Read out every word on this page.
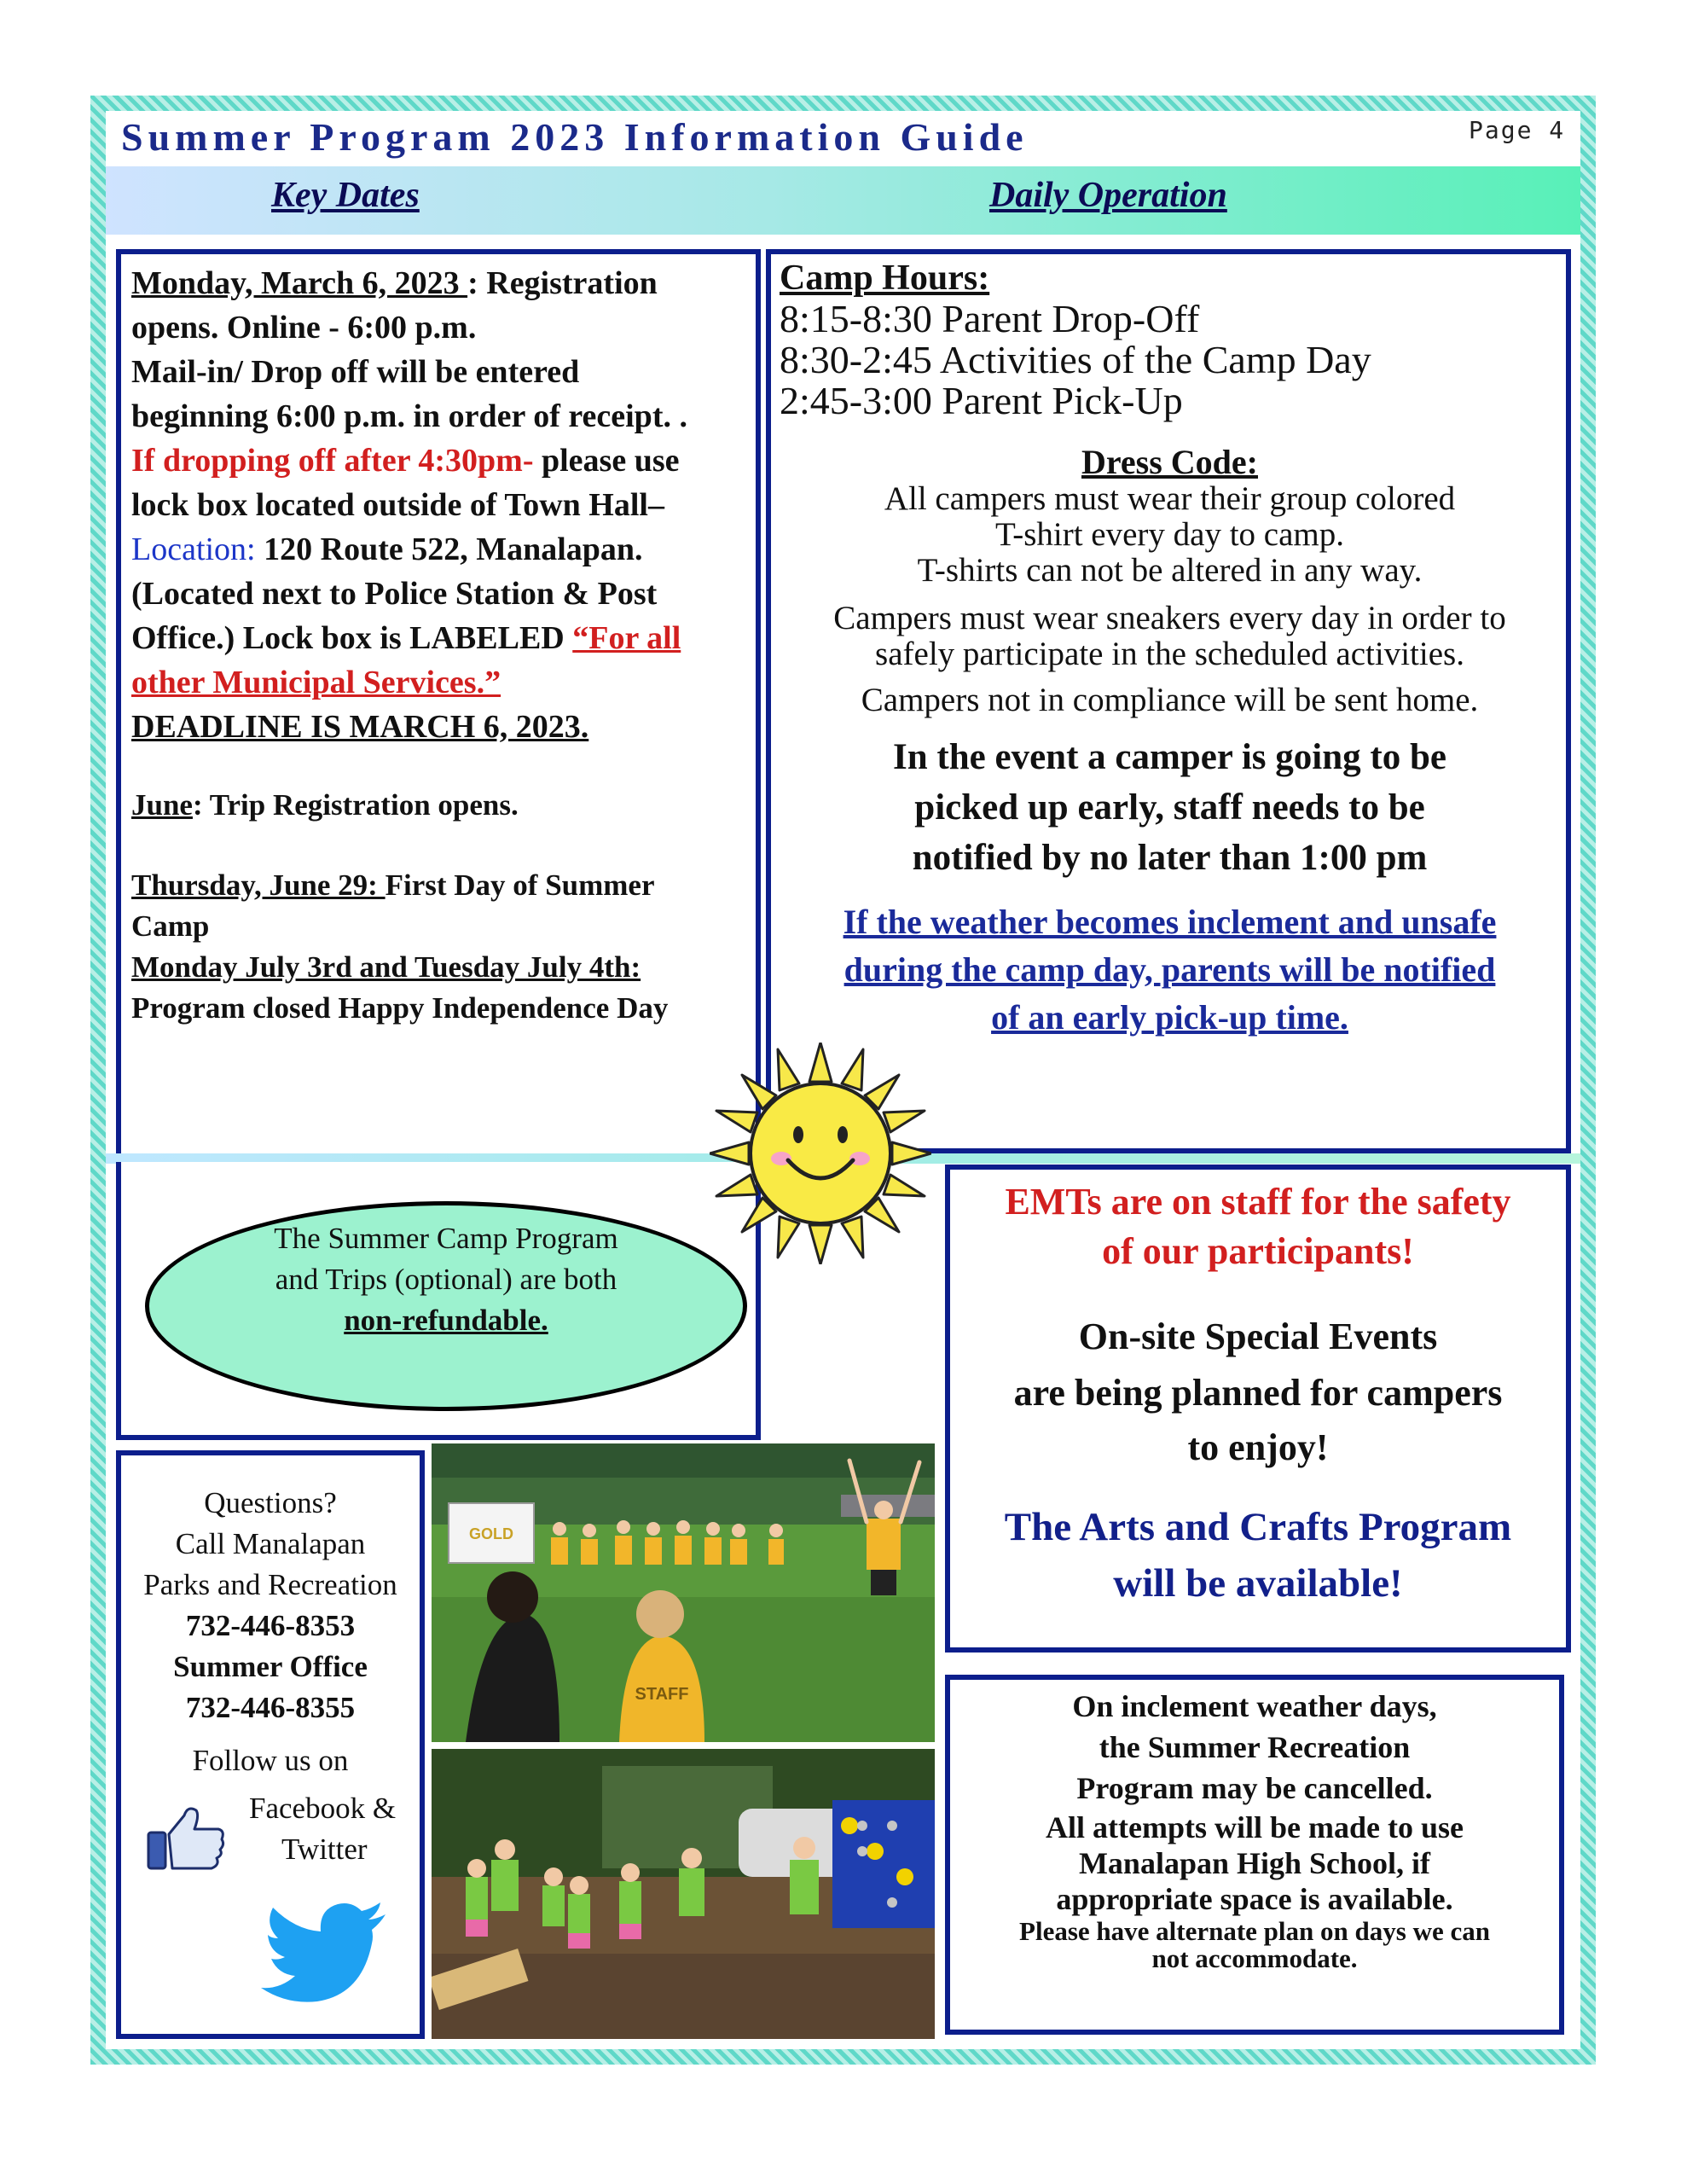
Summer Program 2023 Information Guide	Page 4
Key Dates	Daily Operation
Monday, March 6, 2023 : Registration
opens. Online - 6:00 p.m.
Mail-in/ Drop off will be entered
beginning 6:00 p.m. in order of receipt. .
If dropping off after 4:30pm- please use
lock box located outside of Town Hall–
Location: 120 Route 522, Manalapan.
(Located next to Police Station & Post
Office.) Lock box is LABELED “For all
other Municipal Services.”
DEADLINE IS MARCH 6, 2023.
June: Trip Registration opens.
Thursday, June 29: First Day of Summer
Camp
Monday July 3rd and Tuesday July 4th:
Program closed Happy Independence Day
Camp Hours:
8:15-8:30 Parent Drop-Off
8:30-2:45 Activities of the Camp Day
2:45-3:00 Parent Pick-Up
Dress Code:
All campers must wear their group colored
T-shirt every day to camp.
T-shirts can not be altered in any way.
Campers must wear sneakers every day in order to
safely participate in the scheduled activities.
Campers not in compliance will be sent home.
In the event a camper is going to be
picked up early, staff needs to be
notified by no later than 1:00 pm
If the weather becomes inclement and unsafe
during the camp day, parents will be notified
of an early pick-up time.
The Summer Camp Program
and Trips (optional) are both
non-refundable.
EMTs are on staff for the safety
of our participants!
On-site Special Events
are being planned for campers
to enjoy!
The Arts and Crafts Program
will be available!
Questions?
Call Manalapan
Parks and Recreation
732-446-8353
Summer Office
732-446-8355
Follow us on
Facebook &
Twitter
GOLD
STAFF	On inclement weather days,
the Summer Recreation
Program may be cancelled.
All attempts will be made to use
Manalapan High School, if
appropriate space is available.
Please have alternate plan on days we can
not accommodate.
